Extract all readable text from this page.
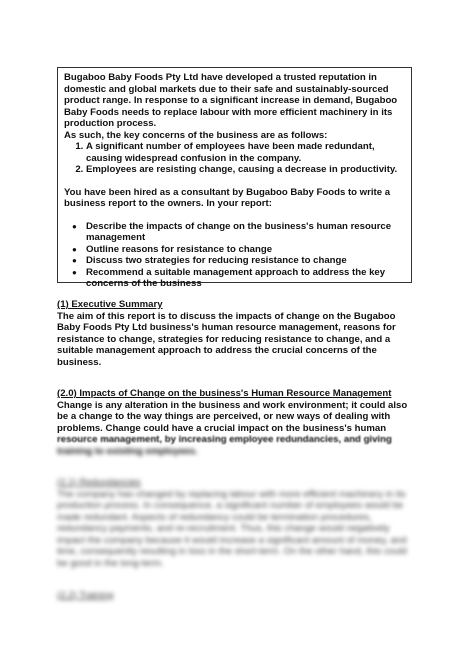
Bugaboo Baby Foods Pty Ltd have developed a trusted reputation in domestic and global markets due to their safe and sustainably-sourced product range. In response to a significant increase in demand, Bugaboo Baby Foods needs to replace labour with more efficient machinery in its production process.

As such, the key concerns of the business are as follows:

1. A significant number of employees have been made redundant, causing widespread confusion in the company.
2. Employees are resisting change, causing a decrease in productivity.

You have been hired as a consultant by Bugaboo Baby Foods to write a business report to the owners. In your report:

● Describe the impacts of change on the business's human resource management
● Outline reasons for resistance to change
● Discuss two strategies for reducing resistance to change
● Recommend a suitable management approach to address the key concerns of the business
(1) Executive Summary
The aim of this report is to discuss the impacts of change on the Bugaboo Baby Foods Pty Ltd business's human resource management, reasons for resistance to change, strategies for reducing resistance to change, and a suitable management approach to address the crucial concerns of the business.
(2.0) Impacts of Change on the business's Human Resource Management
Change is any alteration in the business and work environment; it could also be a change to the way things are perceived, or new ways of dealing with problems. Change could have a crucial impact on the business's human
resource management, by increasing employee redundancies, and giving
training to existing employees.
(2.1) Redundancies

The company has changed by replacing labour with more efficient machinery in its production process. In consequence, a significant number of employees would be made redundant. Aspects of redundancy could be termination procedures, redundancy payments, and re-recruitment. Thus, this change would negatively impact the company because it would increase a significant amount of money, and time, consequently resulting in loss in the short-term. On the other hand, this could be good in the long-term.

(2.2) Training
